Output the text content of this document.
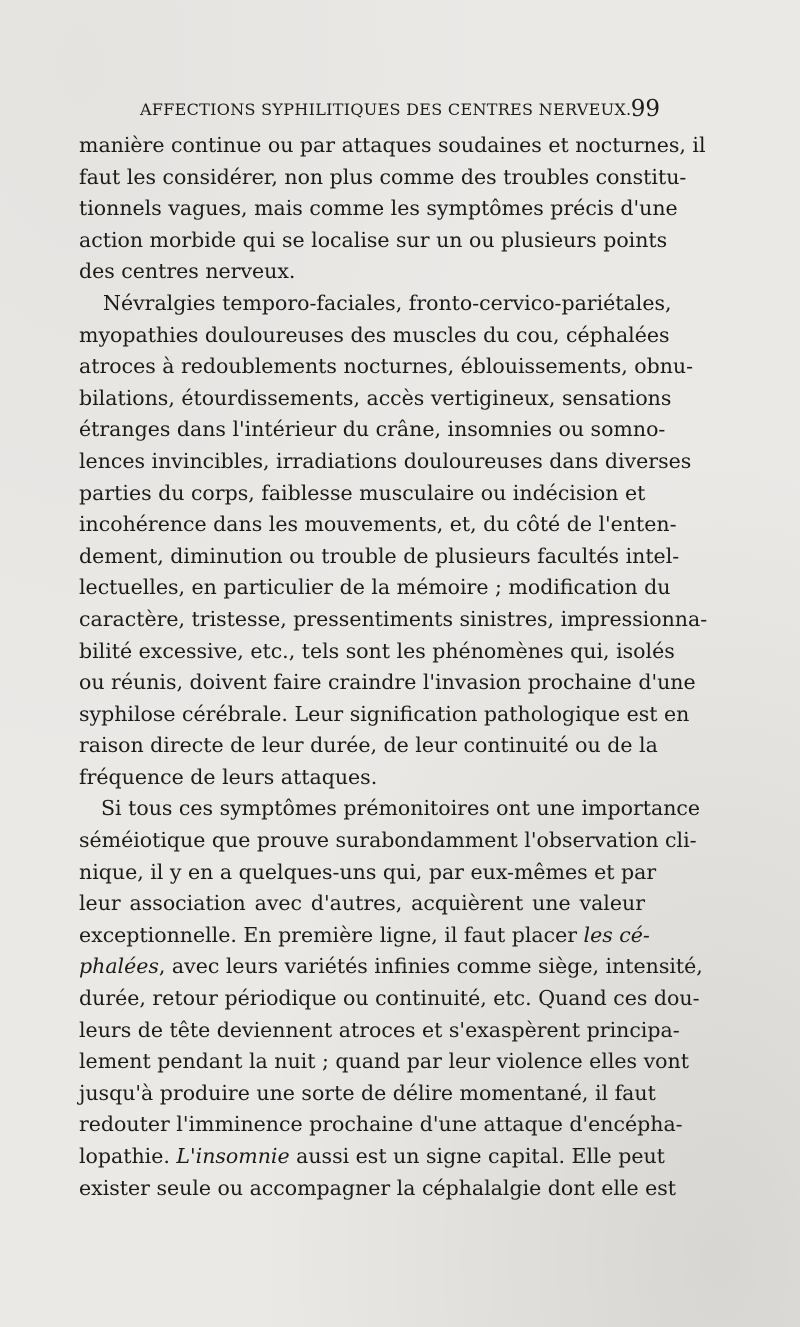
AFFECTIONS SYPHILITIQUES DES CENTRES NERVEUX. 99
manière continue ou par attaques soudaines et nocturnes, il
faut les considérer, non plus comme des troubles constitu-
tionnels vagues, mais comme les symptômes précis d'une
action morbide qui se localise sur un ou plusieurs points
des centres nerveux.
Névralgies temporo-faciales, fronto-cervico-pariétales,
myopathies douloureuses des muscles du cou, céphalées
atroces à redoublements nocturnes, éblouissements, obnu-
bilations, étourdissements, accès vertigineux, sensations
étranges dans l'intérieur du crâne, insomnies ou somno-
lences invincibles, irradiations douloureuses dans diverses
parties du corps, faiblesse musculaire ou indécision et
incohérence dans les mouvements, et, du côté de l'enten-
dement, diminution ou trouble de plusieurs facultés intel-
lectuelles, en particulier de la mémoire ; modification du
caractère, tristesse, pressentiments sinistres, impressionna-
bilité excessive, etc., tels sont les phénomènes qui, isolés
ou réunis, doivent faire craindre l'invasion prochaine d'une
syphilose cérébrale. Leur signification pathologique est en
raison directe de leur durée, de leur continuité ou de la
fréquence de leurs attaques.
Si tous ces symptômes prémonitoires ont une importance
séméiotique que prouve surabondamment l'observation cli-
nique, il y en a quelques-uns qui, par eux-mêmes et par
leur association avec d'autres, acquièrent une valeur
exceptionnelle. En première ligne, il faut placer les cé-
phalées, avec leurs variétés infinies comme siège, intensité,
durée, retour périodique ou continuité, etc. Quand ces dou-
leurs de tête deviennent atroces et s'exaspèrent principa-
lement pendant la nuit ; quand par leur violence elles vont
jusqu'à produire une sorte de délire momentané, il faut
redouter l'imminence prochaine d'une attaque d'encépha-
lopathie. L'insomnie aussi est un signe capital. Elle peut
exister seule ou accompagner la céphalalgie dont elle est
